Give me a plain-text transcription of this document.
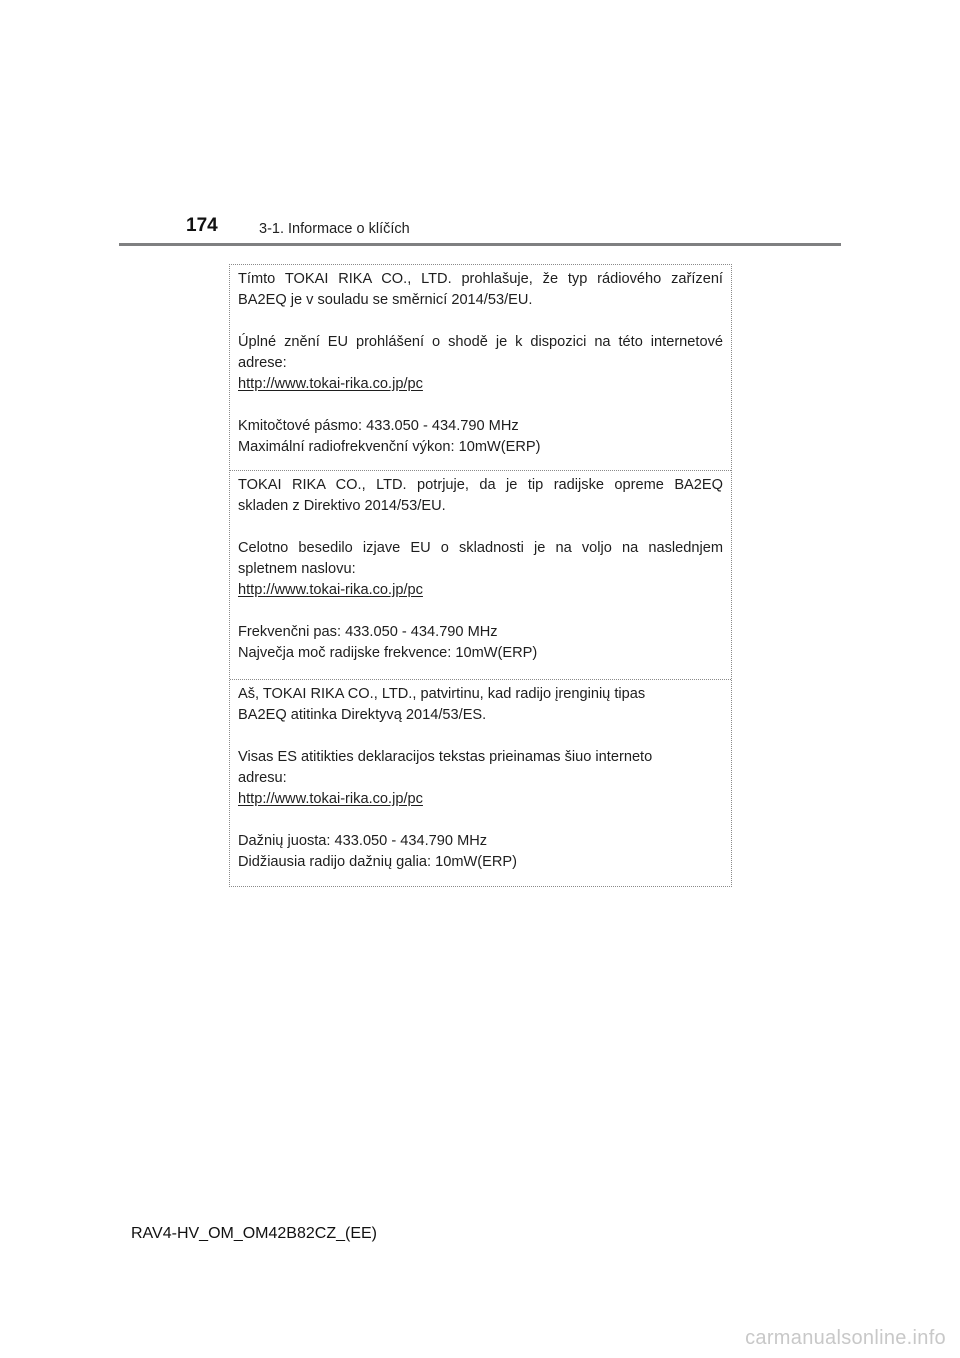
174	3-1. Informace o klíčích

Tímto TOKAI RIKA CO., LTD. prohlašuje, že typ rádiového zařízení
BA2EQ je v souladu se směrnicí 2014/53/EU.

Úplné znění EU prohlášení o shodě je k dispozici na této internetové
adrese:
http://www.tokai-rika.co.jp/pc

Kmitočtové pásmo: 433.050 - 434.790 MHz
Maximální radiofrekvenční výkon: 10mW(ERP)

TOKAI RIKA CO., LTD. potrjuje, da je tip radijske opreme BA2EQ
skladen z Direktivo 2014/53/EU.

Celotno besedilo izjave EU o skladnosti je na voljo na naslednjem
spletnem naslovu:
http://www.tokai-rika.co.jp/pc

Frekvenčni pas: 433.050 - 434.790 MHz
Največja moč radijske frekvence: 10mW(ERP)

Aš, TOKAI RIKA CO., LTD., patvirtinu, kad radijo įrenginių tipas
BA2EQ atitinka Direktyvą 2014/53/ES.

Visas ES atitikties deklaracijos tekstas prieinamas šiuo interneto
adresu:
http://www.tokai-rika.co.jp/pc

Dažnių juosta: 433.050 - 434.790 MHz
Didžiausia radijo dažnių galia: 10mW(ERP)

RAV4-HV_OM_OM42B82CZ_(EE)
carmanualsonline.info
